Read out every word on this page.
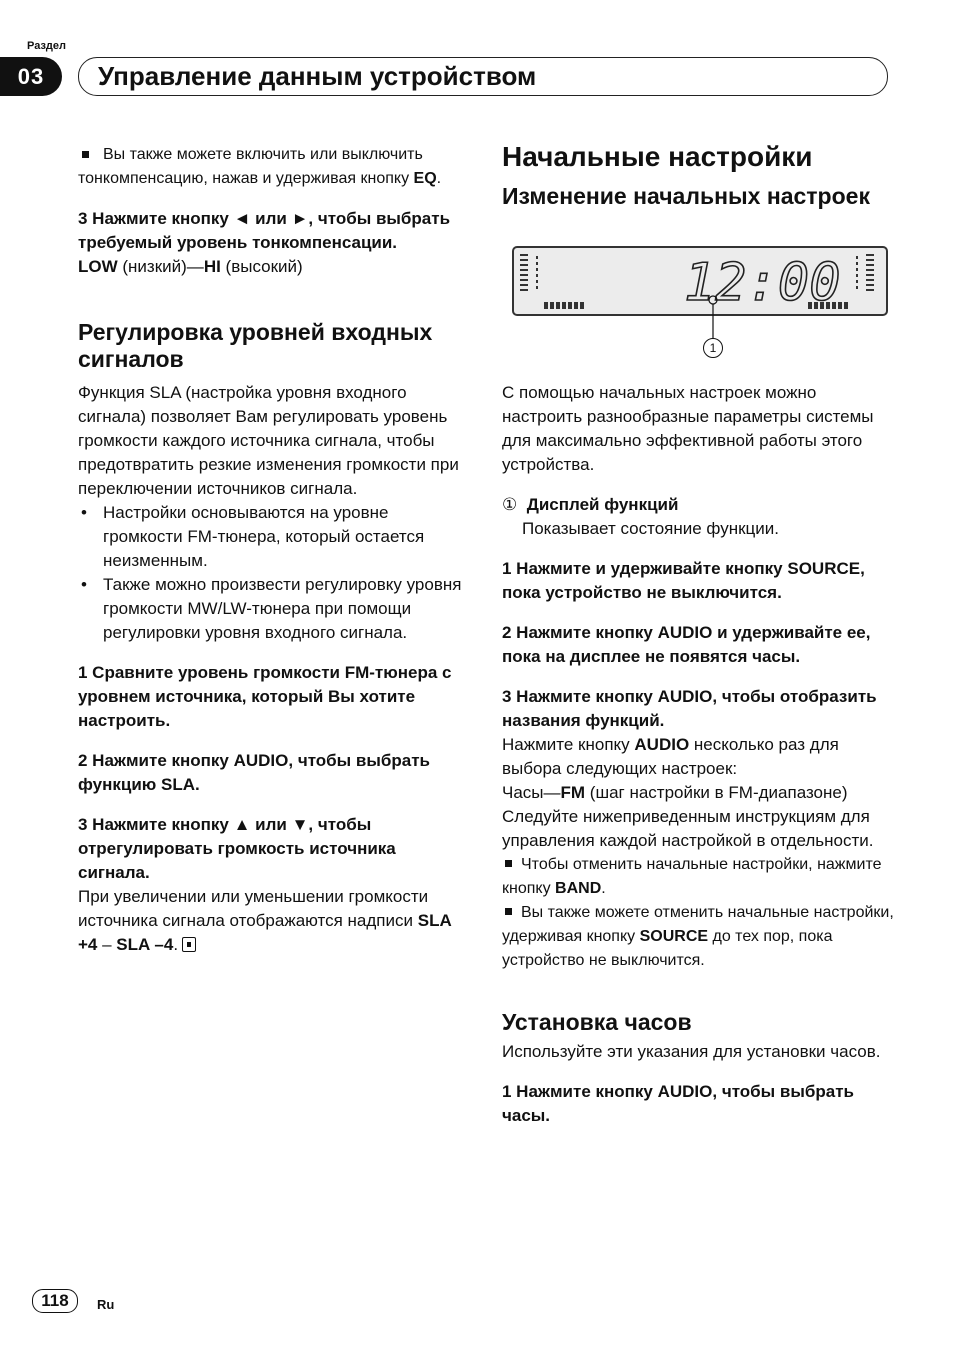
Раздел
03	Управление данным устройством

Вы также можете включить или выключить тонкомпенсацию, нажав и удерживая кнопку EQ.

3 Нажмите кнопку ◄ или ►, чтобы выбрать требуемый уровень тонкомпенсации.

LOW (низкий)—HI (высокий)

Регулировка уровней входных сигналов

Функция SLA (настройка уровня входного сигнала) позволяет Вам регулировать уровень громкости каждого источника сигнала, чтобы предотвратить резкие изменения громкости при переключении источников сигнала.

• Настройки основываются на уровне громкости FM-тюнера, который остается неизменным.

• Также можно произвести регулировку уровня громкости MW/LW-тюнера при помощи регулировки уровня входного сигнала.

1 Сравните уровень громкости FM-тюнера с уровнем источника, который Вы хотите настроить.

2 Нажмите кнопку AUDIO, чтобы выбрать функцию SLA.

3 Нажмите кнопку ▲ или ▼, чтобы отрегулировать громкость источника сигнала.

При увеличении или уменьшении громкости источника сигнала отображаются надписи SLA +4 – SLA –4.

Начальные настройки

Изменение начальных настроек

12:00
1

С помощью начальных настроек можно настроить разнообразные параметры системы для максимально эффективной работы этого устройства.

① Дисплей функций

Показывает состояние функции.

1 Нажмите и удерживайте кнопку SOURCE, пока устройство не выключится.

2 Нажмите кнопку AUDIO и удерживайте ее, пока на дисплее не появятся часы.

3 Нажмите кнопку AUDIO, чтобы отобразить названия функций.

Нажмите кнопку AUDIO несколько раз для выбора следующих настроек:

Часы—FM (шаг настройки в FM-диапазоне)

Следуйте нижеприведенным инструкциям для управления каждой настройкой в отдельности.

Чтобы отменить начальные настройки, нажмите кнопку BAND.

Вы также можете отменить начальные настройки, удерживая кнопку SOURCE до тех пор, пока устройство не выключится.

Установка часов

Используйте эти указания для установки часов.

1 Нажмите кнопку AUDIO, чтобы выбрать часы.

118	Ru
